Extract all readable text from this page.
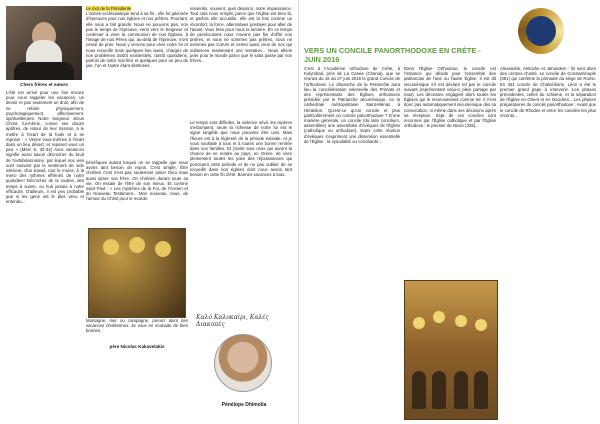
Chers frères et sœurs
L'été est arrivé pour une fois encore pour nous rappeler les vacances, un devoir et pas seulement un droit, afin de ne refaire physiquement, psychologiquement, affectivement, spirituellement. Notre Seigneur Jésus Christ, lui-même, convie ses douze apôtres, de retour de leur mission, à le mettre à l'écart de la foule et à se reposer : « Venez vous-mêmes à l'écart dans un lieu désert, et reposez-vous un peu » (Marc 6, 30-34) Ainsi vacances signifie aussi savoir décrocher du bruit de l'exhibitionnisme, par lequel nos vies sont souvent par le sentiment de vide intérieur, d'un travail, tout le moins, à la merci des rythmes effrénés de notre quotidien! Décrocher de la routine, des temps à suivre, ou huit jamais à notre efficacité. D'ailleurs, il est peu probable que si les gens ont le plus vécu et entendu...
Le mot de la Présidente
L'année ecclésiastique tend à sa fin ; elle fut jalonnée d'épreuves pour nos églises et nos prêtres. Pourtant, elle nous a fait grandir. Nous ne pouvons pas, non pas le temps de l'épreuve, venir vers le Seigneur et continuer à vivre la communion de nos Églises, à l'image de nos Pères qui, au-delà de l'épreuve, n'ont cessé de prier. Nous y venons pour vivre notre foi et nous recueillir mais quelques fois aussi, chargés de nos problèmes tantôt existentiels, tantôt quotidiens, parfois de notre mal être et quelques pour un peu de joie, l'un et l'autre étant destinées.
bénéfiques autant torquoi on se rappelle que nous avons tant besoin de repos. C'est simple. Être chrétien c'est n'est pas seulement aimer Dieu mais aussi aimer son frère. On chrétien durant toute sa vie. On essaie de l'être de son mieux. Et comme saint Paul : « Les mystères de la Foi, de l'Ancien et du Nouveau Testament... Mon nouveau, nous, de l'amour du Christ pour le monde.
Montagne, mer ou campagne, prenez alors des vacances chrétiennes. Je vous en souhaite de bien bonnes.
père Nicolas Kakavelakis
ressentis, souvent, quel désarroi, notre impuissance. Tout cela nous remplit, parce que l'église est bien là, et parfois elle accueille, elle est la fois comme un réconfort, la force, alternatives positives pour aller de l'avant. Vous êtes pour nous la lumière. En ce temps de persécutions nous n'avons pas fini d'offrir nos prières, et nous ne sommes pas prêtres, nous ne sommes pas Cœurs et certes aussi ceux de nos qui subissons maintenant une tentation... Nous allons prier pour le monde parce que le salut passe par nos frères...
Le temps sont difficiles, la violence sévit, les repères s'estompent, seule la richesse de notre foi est le signe tangible que nous pouvons être unis. Mais l'heure est à la légèreté de la période estivale, et je vous souhaite à tous et à toutes une bonne rentrée dans vos familles. Et j'invite tous ceux qui auront la chance de se rendre au pays, en Grèce, de vivre pleinement toutes les joies des réjouissances qui ponctuent cette période et de ne pas oublier de se recueillir dans nos églises dont nous avons tant besoin en cette fin d'été. Bonnes vacances à tous.
Καλό Καλοκαίρι, Καλές Διακοπές
Pénélope Dhimoila
VERS UN CONCILE PANORTHODOXE EN CRÈTE - JUIN 2016
C'est à l'Académie orthodoxe de Crète, à Kolymbari, près de La Canée (Chania), que se réunira du 16 au 27 juin 2016 le grand Concile de l'orthodoxie. Le dimanche de la Pentecôte aura lieu la concélébration solennelle des Primats et des représentants des Églises orthodoxes présidée par le Patriarche œcuménique, en la cathédrale métropolitaine Saint-Ménas à Héraklion. Qu'est-ce qu'un concile et plus particulièrement un concile panorthodoxe ? D'une manière générale, un concile (du latin concilium, assemblée) une assemblée d'évêques de l'Église (catholique ou orthodoxe). Dans cette réunion d'évêques s'expriment une dimension essentielle de l'Église : la synodalité ou conciliarité...
Dans l'Église Orthodoxe, le concile est l'instance qui décide pour l'ensemble des patriarcats de l'une ou l'autre Église. Il est dit œcuménique s'il est déclaré tel par le concile suivant (représentant celui-ci plein partage par tous). Les décisions engagent alors toutes les Églises qui le reconnaissent comme tel. Il n'est donc pas automatiquement œcuménique dès sa convocation, ni même dans ses décisions après sa réception. Sept de ces conciles sont reconnus par l'Église catholique et par l'Église orthodoxe : le premier de Nicée (325)...
Alexandrie, Antioche et Jérusalem : ils sont alors des centres d'unité. Le concile de Constantinople (381) qui confirme la primauté du siège de Rome. En 451 concile de Chalcédoine, Léon a été le premier grand pape à intervenir. Les phases précédentes, celles du schisme, et la séparation de l'Église en Orient et en Occident... Les phases préparatoires du concile panorthodoxe : Avant que le concile de Rhodes et entre les conciles les plus récents...
